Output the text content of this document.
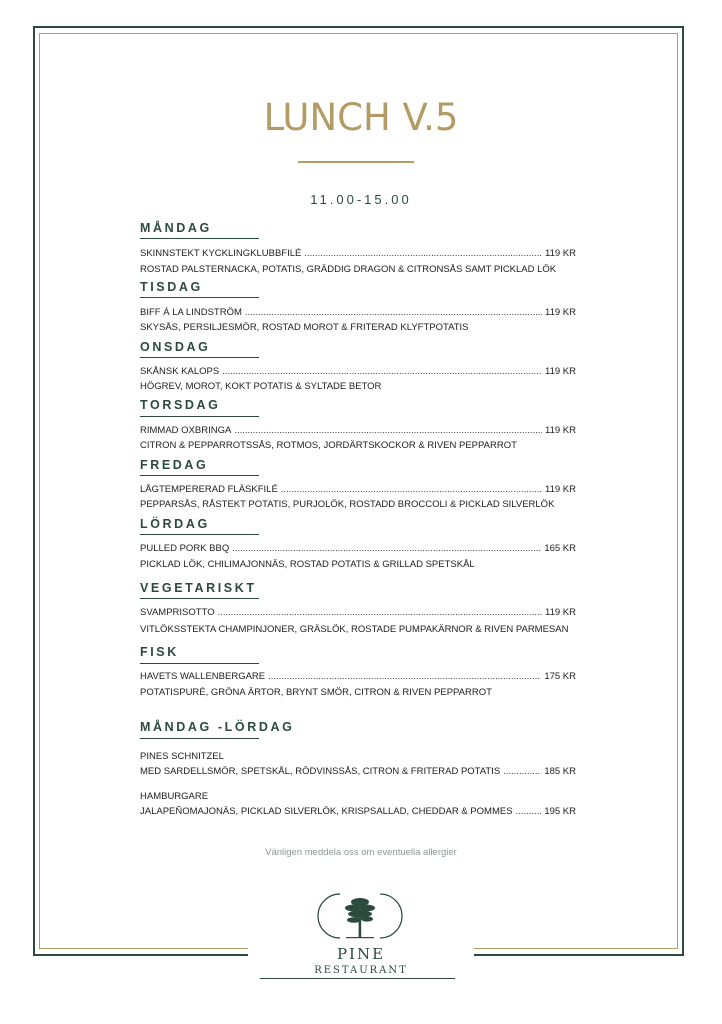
LUNCH V.5
11.00-15.00
MÅNDAG
SKINNSTEKT KYCKLINGKLUBBFILÉ .....	119 KR
ROSTAD PALSTERNACKA, POTATIS, GRÄDDIG DRAGON & CITRONSÅS SAMT PICKLAD LÖK
TISDAG
BIFF Á LA LINDSTRÖM .....	119 KR
SKYSÅS, PERSILJESMÖR, ROSTAD MOROT & FRITERAD KLYFTPOTATIS
ONSDAG
SKÅNSK KALOPS .....	119 KR
HÖGREV, MOROT, KOKT POTATIS & SYLTADE BETOR
TORSDAG
RIMMAD OXBRINGA .....	119 KR
CITRON & PEPPARROTSSÅS, ROTMOS, JORDÄRTSKOCKOR & RIVEN PEPPARROT
FREDAG
LÅGTEMPERERAD FLÄSKFILÉ .....	119 KR
PEPPARSÅS, RÅSTEKT POTATIS, PURJOLÖK, ROSTADD BROCCOLI & PICKLAD SILVERLÖK
LÖRDAG
PULLED PORK BBQ .....	165 KR
PICKLAD LÖK, CHILIMAJONNÄS, ROSTAD POTATIS & GRILLAD SPETSKÅL
VEGETARISKT
SVAMPRISOTTO .....	119 KR
VITLÖKSSTEKTA CHAMPINJONER, GRÄSLÖK, ROSTADE PUMPAKÄRNOR & RIVEN PARMESAN
FISK
HAVETS WALLENBERGARE .....	175 KR
POTATISPURÉ, GRÖNA ÄRTOR, BRYNT SMÖR, CITRON & RIVEN PEPPARROT
MÅNDAG -LÖRDAG
PINES SCHNITZEL
MED SARDELLSMÖR, SPETSKÅL, RÖDVINSSÅS, CITRON & FRITERAD POTATIS .....	185 KR
HAMBURGARE
JALAPEÑOMAJONÄS, PICKLAD SILVERLÖK, KRISPSALLAD, CHEDDAR & POMMES .....	195 KR
Vänligen meddela oss om eventuella allergier
PINE
RESTAURANT
